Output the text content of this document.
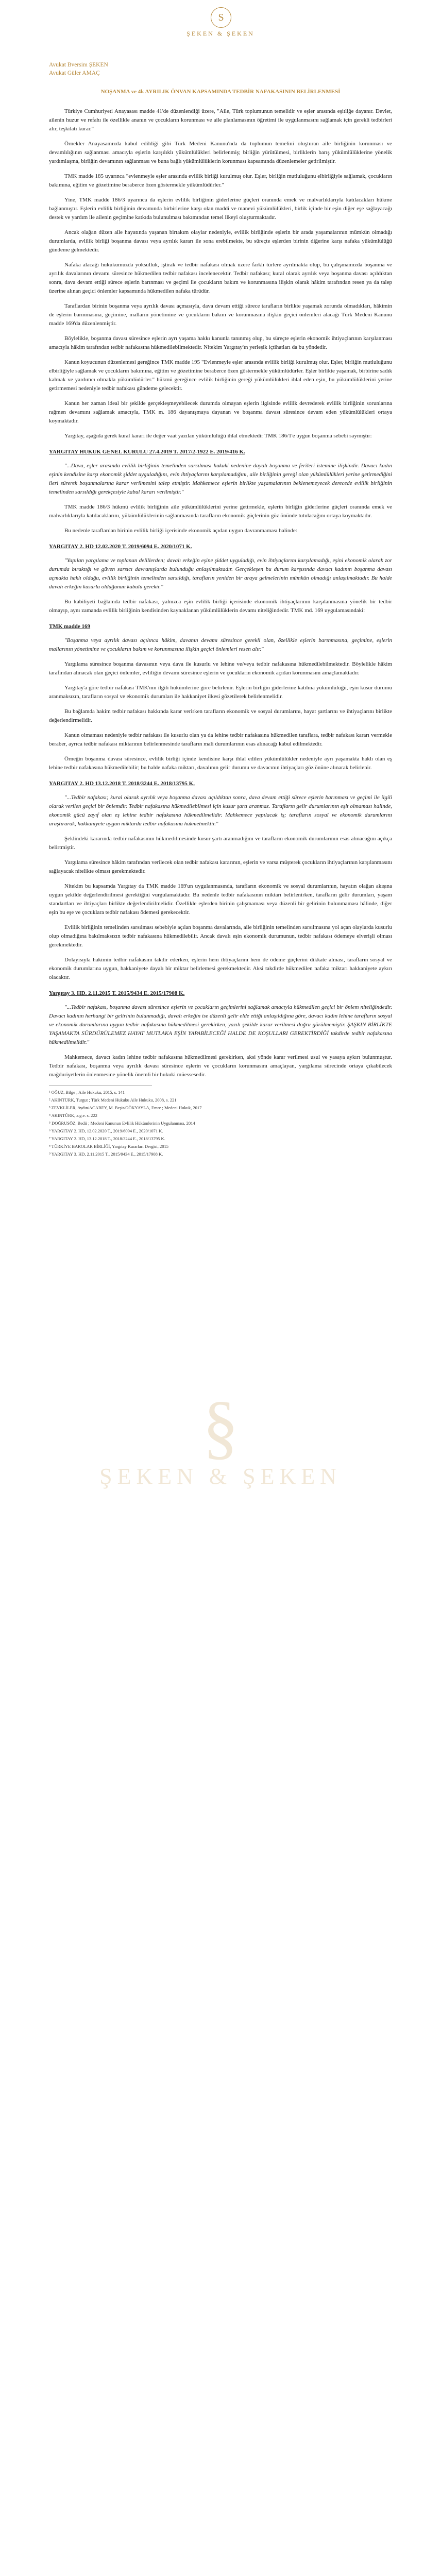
§
ŞEKEN & ŞEKEN
S
ŞEKEN & ŞEKEN
Avukat Bversim ŞEKEN
Avukat Güler AMAÇ
NOŞANMA ve 4k AYRILIK ÖNVAN KAPSAMINDA TEDBİR NAFAKASININ BELİRLENMESİ
Türkiye Cumhuriyeti Anayasası madde 41'de düzenlendiği üzere, "Aile, Türk toplumunun temelidir ve eşler arasında eşitliğe dayanır. Devlet, ailenin huzur ve refahı ile özellikle ananın ve çocukların korunması ve aile planlamasının öğretimi ile uygulanmasını sağlamak için gerekli tedbirleri alır, teşkilatı kurar."
Örnekler Anayasamızda kabul edildiği gibi Türk Medeni Kanunu'nda da toplumun temelini oluşturan aile birliğinin korunması ve devamlılığının sağlanması amacıyla eşlerin karşılıklı yükümlülükleri belirlenmiş; birliğin yürütülmesi, birliklerin barış yükümlülüklerine yönelik yardımlaşma, birliğin devamının sağlanması ve buna bağlı yükümlülüklerin korunması kapsamında düzenlemeler getirilmiştir.
TMK madde 185 uyarınca "evlenmeyle eşler arasında evlilik birliği kurulmuş olur. Eşler, birliğin mutluluğunu elbirliğiyle sağlamak, çocukların bakımına, eğitim ve gözetimine beraberce özen göstermekle yükümlüdürler."
Yine, TMK madde 186/3 uyarınca da eşlerin evlilik birliğinin giderlerine güçleri oranında emek ve malvarlıklarıyla katılacakları hükme bağlanmıştır. Eşlerin evlilik birliğinin devamında birbirlerine karşı olan maddi ve manevi yükümlülükleri, birlik içinde bir eşin diğer eşe sağlayacağı destek ve yardım ile ailenin geçimine katkıda bulunulması bakımından temel ilkeyi oluşturmaktadır.
Ancak olağan düzen aile hayatında yaşanan birtakım olaylar nedeniyle, evlilik birliğinde eşlerin bir arada yaşamalarının mümkün olmadığı durumlarda, evlilik birliği boşanma davası veya ayrılık kararı ile sona erebilmekte, bu süreçte eşlerden birinin diğerine karşı nafaka yükümlülüğü gündeme gelmektedir.
Nafaka alacağı hukukumuzda yoksulluk, iştirak ve tedbir nafakası olmak üzere farklı türlere ayrılmakta olup, bu çalışmamızda boşanma ve ayrılık davalarının devamı süresince hükmedilen tedbir nafakası incelenecektir. Tedbir nafakası; kural olarak ayrılık veya boşanma davası açıldıktan sonra, dava devam ettiği sürece eşlerin barınması ve geçimi ile çocukların bakım ve korunmasına ilişkin olarak hâkim tarafından resen ya da talep üzerine alınan geçici önlemler kapsamında hükmedilen nafaka türüdür.
Taraflardan birinin boşanma veya ayrılık davası açmasıyla, dava devam ettiği sürece tarafların birlikte yaşamak zorunda olmadıkları, hâkimin de eşlerin barınmasına, geçimine, malların yönetimine ve çocukların bakım ve korunmasına ilişkin geçici önlemleri alacağı Türk Medeni Kanunu madde 169'da düzenlenmiştir.
Böylelikle, boşanma davası süresince eşlerin ayrı yaşama hakkı kanunla tanınmış olup, bu süreçte eşlerin ekonomik ihtiyaçlarının karşılanması amacıyla hâkim tarafından tedbir nafakasına hükmedilebilmektedir. Nitekim Yargıtay'ın yerleşik içtihatları da bu yöndedir.
Kanun koyucunun düzenlemesi gereğince TMK madde 195 "Evlenmeyle eşler arasında evlilik birliği kurulmuş olur. Eşler, birliğin mutluluğunu elbirliğiyle sağlamak ve çocukların bakımına, eğitim ve gözetimine beraberce özen göstermekle yükümlüdürler. Eşler birlikte yaşamak, birbirine sadık kalmak ve yardımcı olmakla yükümlüdürler." hükmü gereğince evlilik birliğinin gereği yükümlülükleri ihlal eden eşin, bu yükümlülüklerini yerine getirmemesi nedeniyle tedbir nafakası gündeme gelecektir.
Kanun her zaman ideal bir şekilde gerçekleşmeyebilecek durumda olmayan eşlerin ilgisinde evlilik devrederek evlilik birliğinin sorunlarına rağmen devamını sağlamak amacıyla, TMK m. 186 dayanışmaya dayanan ve boşanma davası süresince devam eden yükümlülükleri ortaya koymaktadır.
Yargıtay, aşağıda gerek kural kararı ile değer vaat yazılan yükümlülüğü ihlal etmektedir TMK 186/1'e uygun boşanma sebebi saymıştır:
YARGITAY HUKUK GENEL KURULU 27.4.2019 T. 2017/2-1922 E. 2019/416 K.
"...Dava, eşler arasında evlilik birliğinin temelinden sarsılması hukuki nedenine dayalı boşanma ve ferîleri istemine ilişkindir. Davacı kadın eşinin kendisine karşı ekonomik şiddet uyguladığını, evin ihtiyaçlarını karşılamadığını, aile birliğinin gereği olan yükümlülükleri yerine getirmediğini ileri sürerek boşanmalarına karar verilmesini talep etmiştir. Mahkemece eşlerin birlikte yaşamalarının beklenemeyecek derecede evlilik birliğinin temelinden sarsıldığı gerekçesiyle kabul kararı verilmiştir."
TMK madde 186/3 hükmü evlilik birliğinin aile yükümlülüklerini yerine getirmekle, eşlerin birliğin giderlerine güçleri oranında emek ve malvarlıklarıyla katılacaklarını, yükümlülüklerinin sağlanmasında tarafların ekonomik güçlerinin göz önünde tutulacağını ortaya koymaktadır.
Bu nedenle taraflardan birinin evlilik birliği içerisinde ekonomik açıdan uygun davranmaması halinde:
YARGITAY 2. HD 12.02.2020 T. 2019/6094 E. 2020/1071 K.
"Yapılan yargılama ve toplanan delillerden; davalı erkeğin eşine şiddet uyguladığı, evin ihtiyaçlarını karşılamadığı, eşini ekonomik olarak zor durumda bıraktığı ve güven sarsıcı davranışlarda bulunduğu anlaşılmaktadır. Gerçekleşen bu durum karşısında davacı kadının boşanma davası açmakta haklı olduğu, evlilik birliğinin temelinden sarsıldığı, tarafların yeniden bir araya gelmelerinin mümkün olmadığı anlaşılmaktadır. Bu halde davalı erkeğin kusurlu olduğunun kabulü gerekir."
Bu kabiliyeti bağlamda tedbir nafakası, yalnızca eşin evlilik birliği içerisinde ekonomik ihtiyaçlarının karşılanmasına yönelik bir tedbir olmayıp, aynı zamanda evlilik birliğinin kendisinden kaynaklanan yükümlülüklerin devamı niteliğindedir. TMK md. 169 uygulamasındaki:
TMK madde 169
"Boşanma veya ayrılık davası açılınca hâkim, davanın devamı süresince gerekli olan, özellikle eşlerin barınmasına, geçimine, eşlerin mallarının yönetimine ve çocukların bakım ve korunmasına ilişkin geçici önlemleri resen alır."
Yargılama süresince boşanma davasının veya dava ile kusurlu ve lehine ve/veya tedbir nafakasına hükmedilebilmektedir. Böylelikle hâkim tarafından alınacak olan geçici önlemler, evliliğin devamı süresince eşlerin ve çocukların ekonomik açıdan korunmasını amaçlamaktadır.
Yargıtay'a göre tedbir nafakası TMK'nın ilgili hükümlerine göre belirlenir. Eşlerin birliğin giderlerine katılma yükümlülüğü, eşin kusur durumu aranmaksızın, tarafların sosyal ve ekonomik durumları ile hakkaniyet ilkesi gözetilerek belirlenmelidir.
Bu bağlamda hakim tedbir nafakası hakkında karar verirken tarafların ekonomik ve sosyal durumlarını, hayat şartlarını ve ihtiyaçlarını birlikte değerlendirmelidir.
Kanun olmaması nedeniyle tedbir nafakası ile kusurlu olan ya da lehine tedbir nafakasına hükmedilen taraflara, tedbir nafakası kararı vermekle beraber, ayrıca tedbir nafakası miktarının belirlenmesinde tarafların mali durumlarının esas alınacağı kabul edilmektedir.
Örneğin boşanma davası süresince, evlilik birliği içinde kendisine karşı ihlal edilen yükümlülükler nedeniyle ayrı yaşamakta haklı olan eş lehine tedbir nafakasına hükmedilebilir; bu halde nafaka miktarı, davalının gelir durumu ve davacının ihtiyaçları göz önüne alınarak belirlenir.
YARGITAY 2. HD 13.12.2018 T. 2018/3244 E. 2018/13795 K.
"...Tedbir nafakası; kural olarak ayrılık veya boşanma davası açıldıktan sonra, dava devam ettiği sürece eşlerin barınması ve geçimi ile ilgili olarak verilen geçici bir önlemdir. Tedbir nafakasına hükmedilebilmesi için kusur şartı aranmaz. Tarafların gelir durumlarının eşit olmaması halinde, ekonomik gücü zayıf olan eş lehine tedbir nafakasına hükmedilmelidir. Mahkemece yapılacak iş; tarafların sosyal ve ekonomik durumlarını araştırarak, hakkaniyete uygun miktarda tedbir nafakasına hükmetmektir."
Şeklindeki kararında tedbir nafakasının hükmedilmesinde kusur şartı aranmadığını ve tarafların ekonomik durumlarının esas alınacağını açıkça belirtmiştir.
Yargılama süresince hâkim tarafından verilecek olan tedbir nafakası kararının, eşlerin ve varsa müşterek çocukların ihtiyaçlarının karşılanmasını sağlayacak nitelikte olması gerekmektedir.
Nitekim bu kapsamda Yargıtay da TMK madde 169'un uygulanmasında, tarafların ekonomik ve sosyal durumlarının, hayatın olağan akışına uygun şekilde değerlendirilmesi gerektiğini vurgulamaktadır. Bu nedenle tedbir nafakasının miktarı belirlenirken, tarafların gelir durumları, yaşam standartları ve ihtiyaçları birlikte değerlendirilmelidir. Özellikle eşlerden birinin çalışmaması veya düzenli bir gelirinin bulunmaması hâlinde, diğer eşin bu eşe ve çocuklara tedbir nafakası ödemesi gerekecektir.
Evlilik birliğinin temelinden sarsılması sebebiyle açılan boşanma davalarında, aile birliğinin temelinden sarsılmasına yol açan olaylarda kusurlu olup olmadığına bakılmaksızın tedbir nafakasına hükmedilebilir. Ancak davalı eşin ekonomik durumunun, tedbir nafakası ödemeye elverişli olması gerekmektedir.
Dolayısıyla hakimin tedbir nafakasını takdir ederken, eşlerin hem ihtiyaçlarını hem de ödeme güçlerini dikkate alması, tarafların sosyal ve ekonomik durumlarına uygun, hakkaniyete dayalı bir miktar belirlemesi gerekmektedir. Aksi takdirde hükmedilen nafaka miktarı hakkaniyete aykırı olacaktır.
Yargıtay 3. HD. 2.11.2015 T. 2015/9434 E. 2015/17908 K.
"...Tedbir nafakası, boşanma davası süresince eşlerin ve çocukların geçimlerini sağlamak amacıyla hükmedilen geçici bir önlem niteliğindedir. Davacı kadının herhangi bir gelirinin bulunmadığı, davalı erkeğin ise düzenli gelir elde ettiği anlaşıldığına göre, davacı kadın lehine tarafların sosyal ve ekonomik durumlarına uygun tedbir nafakasına hükmedilmesi gerekirken, yazılı şekilde karar verilmesi doğru görülmemiştir. ŞAŞKIN BİRLİKTE YAŞAMAKTA SÜRDÜRÜLEMEZ HAYAT MUTLAKA EŞİN YAPABİLECEĞİ HALDE DE KOŞULLARI GEREKTİRDİĞİ takdirde tedbir nafakasına hükmedilmelidir."
Mahkemece, davacı kadın lehine tedbir nafakasına hükmedilmesi gerekirken, aksi yönde karar verilmesi usul ve yasaya aykırı bulunmuştur. Tedbir nafakası, boşanma veya ayrılık davası süresince eşlerin ve çocukların korunmasını amaçlayan, yargılama sürecinde ortaya çıkabilecek mağduriyetlerin önlenmesine yönelik önemli bir hukuki müessesedir.
¹ OĞUZ, Bilge ; Aile Hukuku, 2015, s. 141
² AKINTÜRK, Turgut ; Türk Medeni Hukuku Aile Hukuku, 2008, s. 221
³ ZEVKLİLER, Aydın/ACABEY, M. Beşir/GÖKYAYLA, Emre ; Medeni Hukuk, 2017
⁴ AKINTÜRK, a.g.e. s. 222
⁵ DOĞRUSÖZ, Bedii ; Medeni Kanunun Evlilik Hükümlerinin Uygulanması, 2014
⁶ YARGITAY 2. HD, 12.02.2020 T., 2019/6094 E., 2020/1071 K.
⁷ YARGITAY 2. HD, 13.12.2018 T., 2018/3244 E., 2018/13795 K.
⁸ TÜRKİYE BAROLAR BİRLİĞİ, Yargıtay Kararları Dergisi, 2015
⁹ YARGITAY 3. HD, 2.11.2015 T., 2015/9434 E., 2015/17908 K.
